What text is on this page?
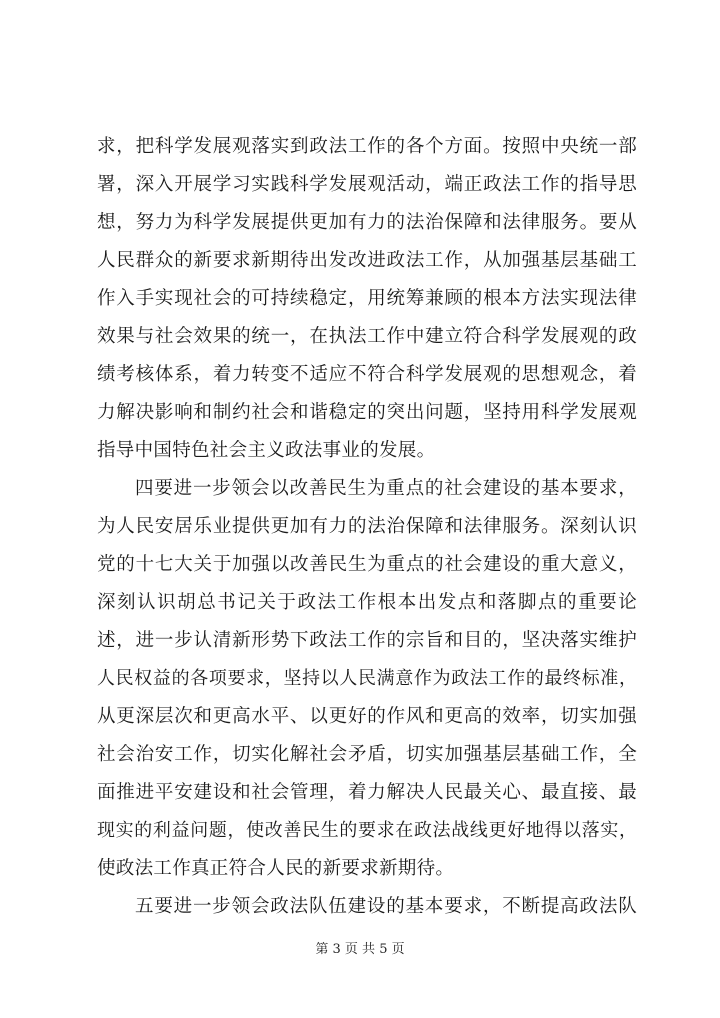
求，把科学发展观落实到政法工作的各个方面。按照中央统一部
署，深入开展学习实践科学发展观活动，端正政法工作的指导思
想，努力为科学发展提供更加有力的法治保障和法律服务。要从
人民群众的新要求新期待出发改进政法工作，从加强基层基础工
作入手实现社会的可持续稳定，用统筹兼顾的根本方法实现法律
效果与社会效果的统一，在执法工作中建立符合科学发展观的政
绩考核体系，着力转变不适应不符合科学发展观的思想观念，着
力解决影响和制约社会和谐稳定的突出问题，坚持用科学发展观
指导中国特色社会主义政法事业的发展。
四要进一步领会以改善民生为重点的社会建设的基本要求，
为人民安居乐业提供更加有力的法治保障和法律服务。深刻认识
党的十七大关于加强以改善民生为重点的社会建设的重大意义，
深刻认识胡总书记关于政法工作根本出发点和落脚点的重要论
述，进一步认清新形势下政法工作的宗旨和目的，坚决落实维护
人民权益的各项要求，坚持以人民满意作为政法工作的最终标准，
从更深层次和更高水平、以更好的作风和更高的效率，切实加强
社会治安工作，切实化解社会矛盾，切实加强基层基础工作，全
面推进平安建设和社会管理，着力解决人民最关心、最直接、最
现实的利益问题，使改善民生的要求在政法战线更好地得以落实，
使政法工作真正符合人民的新要求新期待。
五要进一步领会政法队伍建设的基本要求，不断提高政法队
第 3 页 共 5 页
